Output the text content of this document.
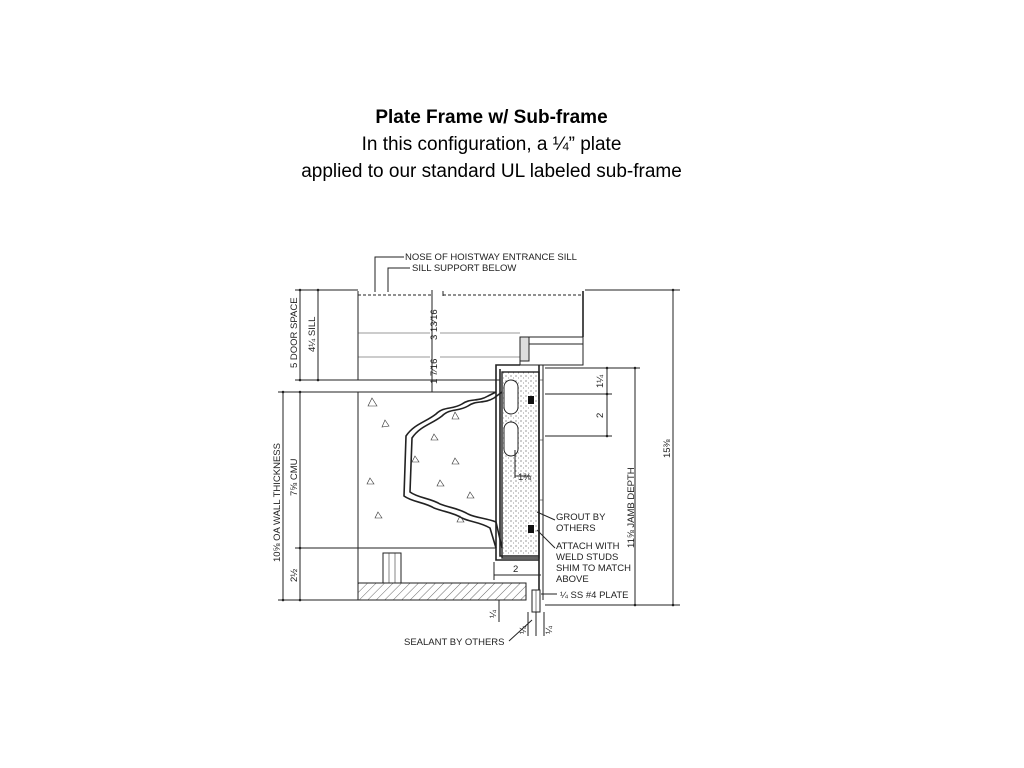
Plate Frame w/ Sub-frame
In this configuration, a ¼” plate
applied to our standard UL labeled sub-frame
NOSE OF HOISTWAY ENTRANCE SILL
SILL SUPPORT BELOW
GROUT BY
OTHERS
ATTACH WITH
WELD STUDS
SHIM TO MATCH
ABOVE
¼ SS #4 PLATE
SEALANT BY OTHERS
5 DOOR SPACE 4¼ SILL
10⅝ OA WALL THICKNESS 7⅝ CMU
2½
3 13⁄16
1 7⁄16	1¼
2
1⅜	11⅝ JAMB DEPTH
15⅜
2
¼
¼ ¼
